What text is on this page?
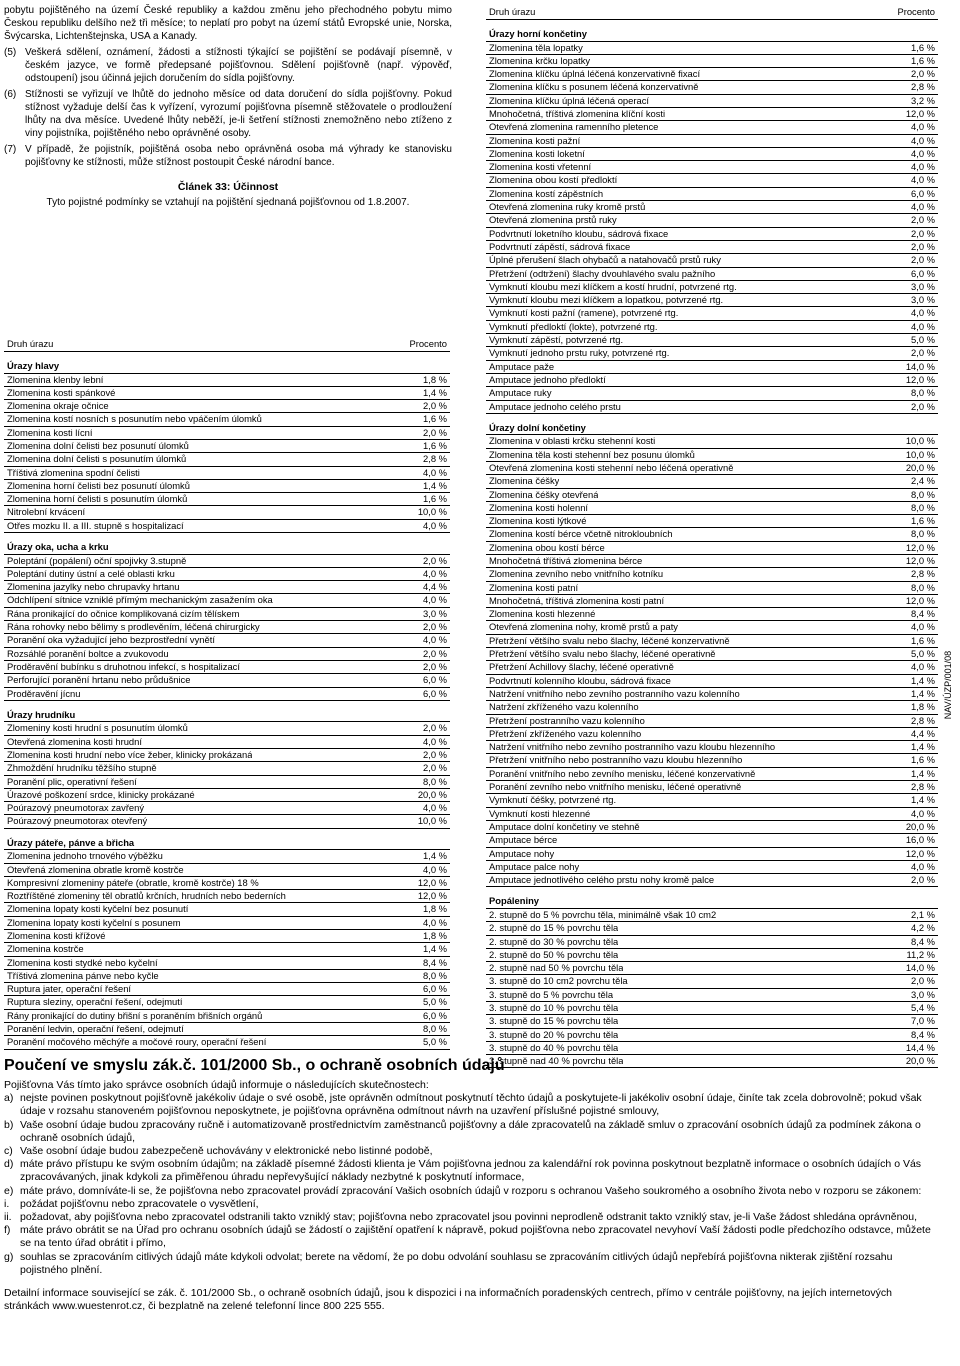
pobytu pojištěného na území České republiky a každou změnu jeho přechodného pobytu mimo Českou republiku delšího než tři měsíce; to neplatí pro pobyt na území států Evropské unie, Norska, Švýcarska, Lichtenštejnska, USA a Kanady.

(5) Veškerá sdělení, oznámení, žádosti a stížnosti týkající se pojištění se podávají písemně, v českém jazyce, ve formě předepsané pojišťovnou. Sdělení pojišťovně (např. výpověď, odstoupení) jsou účinná jejich doručením do sídla pojišťovny.
(6) Stížnosti se vyřizují ve lhůtě do jednoho měsíce od data doručení do sídla pojišťovny. Pokud stížnost vyžaduje delší čas k vyřízení, vyrozumí pojišťovna písemně stěžovatele o prodloužení lhůty na dva měsíce. Uvedené lhůty neběží, je-li šetření stížnosti znemožněno nebo ztíženo z viny pojistníka, pojištěného nebo oprávněné osoby.
(7) V případě, že pojistník, pojištěná osoba nebo oprávněná osoba má výhrady ke stanovisku pojišťovny ke stížnosti, může stížnost postoupit České národní bance.
Článek 33: Účinnost

Tyto pojistné podmínky se vztahují na pojištění sjednaná pojišťovnou od 1.8.2007.

Druh úrazu	Procento
Úrazy hlavy
Zlomenina klenby lební	1,8 %
Zlomenina kosti spánkové	1,4 %
Zlomenina okraje očnice	2,0 %
Zlomenina kostí nosních s posunutím nebo vpáčením úlomků	1,6 %
Zlomenina kosti lícní	2,0 %
Zlomenina dolní čelisti bez posunutí úlomků	1,6 %
Zlomenina dolní čelisti s posunutím úlomků	2,8 %
Tříštivá zlomenina spodní čelisti	4,0 %
Zlomenina horní čelisti bez posunutí úlomků	1,4 %
Zlomenina horní čelisti s posunutím úlomků	1,6 %
Nitrolební krvácení	10,0 %
Otřes mozku II. a III. stupně s hospitalizací	4,0 %
Úrazy oka, ucha a krku
Poleptání (popálení) oční spojivky 3.stupně	2,0 %
Poleptání dutiny ústní a celé oblasti krku	4,0 %
Zlomenina jazylky nebo chrupavky hrtanu	4,4 %
Odchlípení sítnice vzniklé přímým mechanickým zasažením oka	4,0 %
Rána pronikající do očnice komplikovaná cizím tělískem	3,0 %
Rána rohovky nebo bělimy s prodlevěním, léčená chirurgicky	2,0 %
Poranění oka vyžadující jeho bezprostřední vynětí	4,0 %
Rozsáhlé poranění boltce a zvukovodu	2,0 %
Proděravění bubínku s druhotnou infekcí, s hospitalizací	2,0 %
Perforující poranění hrtanu nebo průdušnice	6,0 %
Proděravění jícnu	6,0 %
Úrazy hrudníku
Zlomeniny kosti hrudní s posunutím úlomků	2,0 %
Otevřená zlomenina kosti hrudní	4,0 %
Zlomenina kosti hrudní nebo více žeber, klinicky prokázaná	2,0 %
Zhmoždění hrudníku těžšího stupně	2,0 %
Poranění plic, operativní řešení	8,0 %
Úrazové poškození srdce, klinicky prokázané	20,0 %
Poúrazový pneumotorax zavřený	4,0 %
Poúrazový pneumotorax otevřený	10,0 %
Úrazy páteře, pánve a břicha
Zlomenina jednoho trnového výběžku	1,4 %
Otevřená zlomenina obratle kromě kostrče	4,0 %
Kompresivní zlomeniny páteře (obratle, kromě kostrče) 18 %	12,0 %
Roztříštěné zlomeniny těl obratlů krčních, hrudních nebo bederních	12,0 %
Zlomenina lopaty kosti kyčelní bez posunutí	1,8 %
Zlomenina lopaty kosti kyčelní s posunem	4,0 %
Zlomenina kosti křížové	1,8 %
Zlomenina kostrče	1,4 %
Zlomenina kosti stydké nebo kyčelní	8,4 %
Tříštivá zlomenina pánve nebo kyčle	8,0 %
Ruptura jater, operační řešení	6,0 %
Ruptura sleziny, operační řešení, odejmutí	5,0 %
Rány pronikající do dutiny břišní s poraněním břišních orgánů	6,0 %
Poranění ledvin, operační řešení, odejmutí	8,0 %
Poranění močového měchýře a močové roury, operační řešení	5,0 %
Druh úrazu	Procento
Úrazy horní končetiny
Zlomenina těla lopatky	1,6 %
Zlomenina krčku lopatky	1,6 %
Zlomenina klíčku úplná léčená konzervativně fixací	2,0 %
Zlomenina klíčku s posunem léčená konzervativně	2,8 %
Zlomenina klíčku úplná léčená operací	3,2 %
Mnohočetná, tříštivá zlomenina klíční kosti	12,0 %
Otevřená zlomenina ramenního pletence	4,0 %
Zlomenina kosti pažní	4,0 %
Zlomenina kosti loketní	4,0 %
Zlomenina kosti vřetenní	4,0 %
Zlomenina obou kostí předloktí	4,0 %
Zlomenina kostí zápěstních	6,0 %
Otevřená zlomenina ruky kromě prstů	4,0 %
Otevřená zlomenina prstů ruky	2,0 %
Podvrtnutí loketního kloubu, sádrová fixace	2,0 %
Podvrtnutí zápěstí, sádrová fixace	2,0 %
Úplné přerušení šlach ohybačů a natahovačů prstů ruky	2,0 %
Přetržení (odtržení) šlachy dvouhlavého svalu pažního	6,0 %
Vymknutí kloubu mezi klíčkem a kostí hrudní, potvrzené rtg.	3,0 %
Vymknutí kloubu mezi klíčkem a lopatkou, potvrzené rtg.	3,0 %
Vymknutí kosti pažní (ramene), potvrzené rtg.	4,0 %
Vymknutí předloktí (lokte), potvrzené rtg.	4,0 %
Vymknutí zápěstí, potvrzené rtg.	5,0 %
Vymknutí jednoho prstu ruky, potvrzené rtg.	2,0 %
Amputace paže	14,0 %
Amputace jednoho předloktí	12,0 %
Amputace ruky	8,0 %
Amputace jednoho celého prstu	2,0 %
Úrazy dolní končetiny
Zlomenina v oblasti krčku stehenní kosti	10,0 %
Zlomenina těla kosti stehenní bez posunu úlomků	10,0 %
Otevřená zlomenina kosti stehenní nebo léčená operativně	20,0 %
Zlomenina čéšky	2,4 %
Zlomenina čéšky otevřená	8,0 %
Zlomenina kosti holenní	8,0 %
Zlomenina kosti lýtkové	1,6 %
Zlomenina kostí bérce včetně nitrokloubních	8,0 %
Zlomenina obou kostí bérce	12,0 %
Mnohočetná tříštivá zlomenina bérce	12,0 %
Zlomenina zevního nebo vnitřního kotníku	2,8 %
Zlomenina kosti patní	8,0 %
Mnohočetná, tříštivá zlomenina kosti patní	12,0 %
Zlomenina kosti hlezenné	8,4 %
Otevřená zlomenina nohy, kromě prstů a paty	4,0 %
Přetržení většího svalu nebo šlachy, léčené konzervativně	1,6 %
Přetržení většího svalu nebo šlachy, léčené operativně	5,0 %
Přetržení Achillovy šlachy, léčené operativně	4,0 %
Podvrtnutí kolenního kloubu, sádrová fixace	1,4 %
Natržení vnitřního nebo zevního postranního vazu kolenního	1,4 %
Natržení zkříženého vazu kolenního	1,8 %
Přetržení postranního vazu kolenního	2,8 %
Přetržení zkříženého vazu kolenního	4,4 %
Natržení vnitřního nebo zevního postranního vazu kloubu hlezenního	1,4 %
Přetržení vnitřního nebo postranního vazu kloubu hlezenního	1,6 %
Poranění vnitřního nebo zevního menisku, léčené konzervativně	1,4 %
Poranění zevního nebo vnitřního menisku, léčené operativně	2,8 %
Vymknutí čéšky, potvrzené rtg.	1,4 %
Vymknutí kosti hlezenné	4,0 %
Amputace dolní končetiny ve stehně	20,0 %
Amputace bérce	16,0 %
Amputace nohy	12,0 %
Amputace palce nohy	4,0 %
Amputace jednotlivého celého prstu nohy kromě palce	2,0 %
Popáleniny
2. stupně do 5 % povrchu těla, minimálně však 10 cm2	2,1 %
2. stupně do 15 % povrchu těla	4,2 %
2. stupně do 30 % povrchu těla	8,4 %
2. stupně do 50 % povrchu těla	11,2 %
2. stupně nad 50 % povrchu těla	14,0 %
3. stupně do 10 cm2 povrchu těla	2,0 %
3. stupně do 5 % povrchu těla	3,0 %
3. stupně do 10 % povrchu těla	5,4 %
3. stupně do 15 % povrchu těla	7,0 %
3. stupně do 20 % povrchu těla	8,4 %
3. stupně do 40 % povrchu těla	14,4 %
3. stupně nad 40 % povrchu těla	20,0 %
NAV/ÚZP/001/08
Poučení ve smyslu zák.č. 101/2000 Sb., o ochraně osobních údajů

Pojišťovna Vás tímto jako správce osobních údajů informuje o následujících skutečnostech:

a) nejste povinen poskytnout pojišťovně jakékoliv údaje o své osobě, jste oprávněn odmítnout poskytnutí těchto údajů a poskytujete-li jakékoliv osobní údaje, činíte tak zcela dobrovolně; pokud však údaje v rozsahu stanoveném pojišťovnou neposkytnete, je pojišťovna oprávněna odmítnout návrh na uzavření příslušné pojistné smlouvy,
b) Vaše osobní údaje budou zpracovány ručně i automatizovaně prostřednictvím zaměstnanců pojišťovny a dále zpracovatelů na základě smluv o zpracování osobních údajů za podmínek zákona o ochraně osobních údajů,
c) Vaše osobní údaje budou zabezpečeně uchovávány v elektronické nebo listinné podobě,
d) máte právo přístupu ke svým osobním údajům; na základě písemné žádosti klienta je Vám pojišťovna jednou za kalendářní rok povinna poskytnout bezplatně informace o osobních údajích o Vás zpracovávaných, jinak kdykoli za přiměřenou úhradu nepřevyšující náklady nezbytné k poskytnutí informace,
e) máte právo, domníváte-li se, že pojišťovna nebo zpracovatel provádí zpracování Vašich osobních údajů v rozporu s ochranou Vašeho soukromého a osobního života nebo v rozporu se zákonem:
i.	požádat pojišťovnu nebo zpracovatele o vysvětlení,
ii. požadovat, aby pojišťovna nebo zpracovatel odstranili takto vzniklý stav; pojišťovna nebo zpracovatel jsou povinni neprodleně odstranit takto vzniklý stav, je-li Vaše žádost shledána oprávněnou,
f) máte právo obrátit se na Úřad pro ochranu osobních údajů se žádostí o zajištění opatření k nápravě, pokud pojišťovna nebo zpracovatel nevyhoví Vaší žádosti podle předchozího odstavce, můžete se na tento úřad obrátit i přímo,
g) souhlas se zpracováním citlivých údajů máte kdykoli odvolat; berete na vědomí, že po dobu odvolání souhlasu se zpracováním citlivých údajů nepřebírá pojišťovna nikterak zjištění rozsahu pojistného plnění.

Detailní informace související se zák. č. 101/2000 Sb., o ochraně osobních údajů, jsou k dispozici i na informačních poradenských centrech, přímo v centrále pojišťovny, na jejích internetových stránkách www.wuestenrot.cz, či bezplatně na zelené telefonní lince 800 225 555.
